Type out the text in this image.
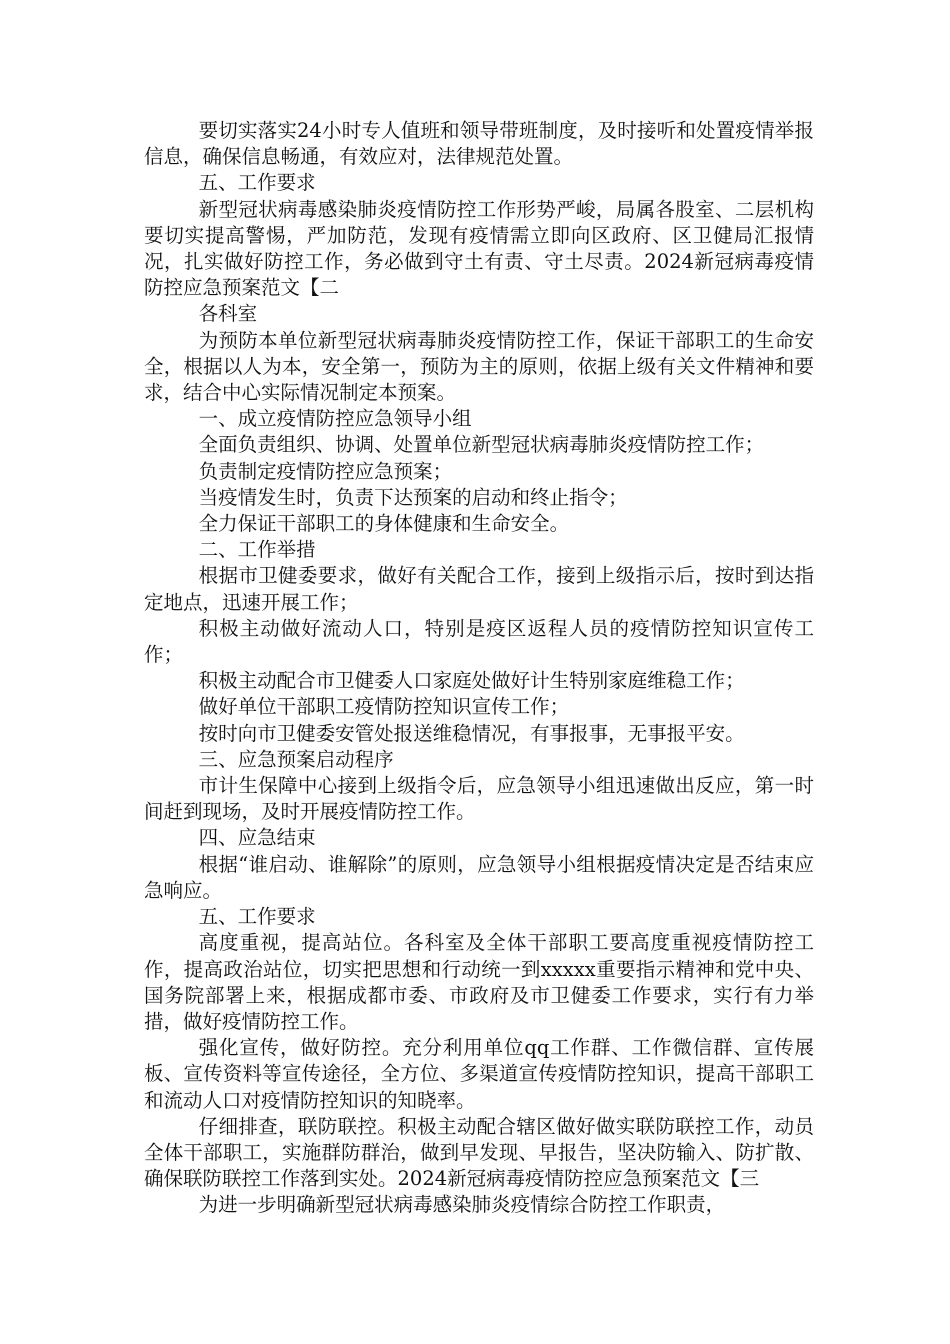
要切实落实24小时专人值班和领导带班制度，及时接听和处置疫情举报信息，确保信息畅通，有效应对，法律规范处置。

五、工作要求

新型冠状病毒感染肺炎疫情防控工作形势严峻，局属各股室、二层机构要切实提高警惕，严加防范，发现有疫情需立即向区政府、区卫健局汇报情况，扎实做好防控工作，务必做到守土有责、守土尽责。2024新冠病毒疫情防控应急预案范文【二

各科室

为预防本单位新型冠状病毒肺炎疫情防控工作，保证干部职工的生命安全，根据以人为本，安全第一，预防为主的原则，依据上级有关文件精神和要求，结合中心实际情况制定本预案。

一、成立疫情防控应急领导小组

全面负责组织、协调、处置单位新型冠状病毒肺炎疫情防控工作；

负责制定疫情防控应急预案；

当疫情发生时，负责下达预案的启动和终止指令；

全力保证干部职工的身体健康和生命安全。

二、工作举措

根据市卫健委要求，做好有关配合工作，接到上级指示后，按时到达指定地点，迅速开展工作；

积极主动做好流动人口，特别是疫区返程人员的疫情防控知识宣传工作；

积极主动配合市卫健委人口家庭处做好计生特别家庭维稳工作；

做好单位干部职工疫情防控知识宣传工作；

按时向市卫健委安管处报送维稳情况，有事报事，无事报平安。

三、应急预案启动程序

市计生保障中心接到上级指令后，应急领导小组迅速做出反应，第一时间赶到现场，及时开展疫情防控工作。

四、应急结束

根据“谁启动、谁解除”的原则，应急领导小组根据疫情决定是否结束应急响应。

五、工作要求

高度重视，提高站位。各科室及全体干部职工要高度重视疫情防控工作，提高政治站位，切实把思想和行动统一到xxxxx重要指示精神和党中央、国务院部署上来，根据成都市委、市政府及市卫健委工作要求，实行有力举措，做好疫情防控工作。

强化宣传，做好防控。充分利用单位qq工作群、工作微信群、宣传展板、宣传资料等宣传途径，全方位、多渠道宣传疫情防控知识，提高干部职工和流动人口对疫情防控知识的知晓率。

仔细排查，联防联控。积极主动配合辖区做好做实联防联控工作，动员全体干部职工，实施群防群治，做到早发现、早报告，坚决防输入、防扩散、确保联防联控工作落到实处。2024新冠病毒疫情防控应急预案范文【三

为进一步明确新型冠状病毒感染肺炎疫情综合防控工作职责，
